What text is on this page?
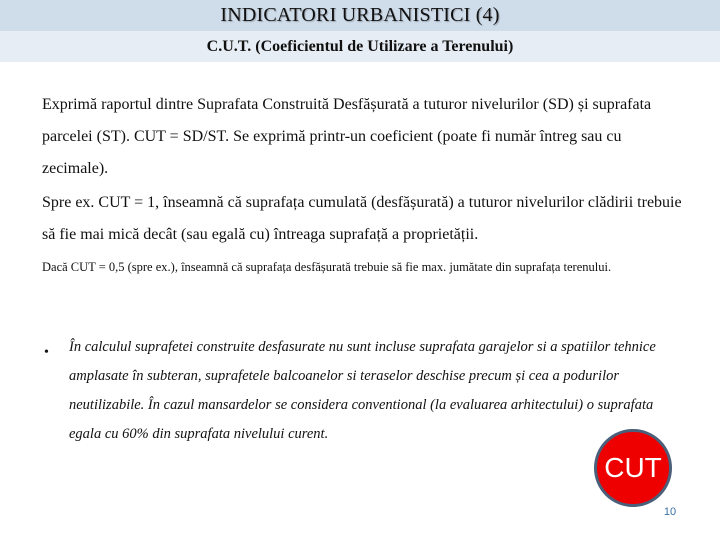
INDICATORI URBANISTICI (4)
C.U.T. (Coeficientul de Utilizare a Terenului)

Exprimă raportul dintre Suprafata Construită Desfășurată a tuturor nivelurilor (SD) și suprafata parcelei (ST). CUT = SD/ST. Se exprimă printr-un coeficient (poate fi număr întreg sau cu zecimale).

Spre ex. CUT = 1, înseamnă că suprafața cumulată (desfășurată) a tuturor nivelurilor clădirii trebuie să fie mai mică decât (sau egală cu) întreaga suprafață a proprietății.

Dacă CUT = 0,5 (spre ex.), înseamnă că suprafața desfășurată trebuie să fie max. jumătate din suprafața terenului.

• În calculul suprafetei construite desfasurate nu sunt incluse suprafata garajelor si a spatiilor tehnice amplasate în subteran, suprafetele balcoanelor si teraselor deschise precum și cea a podurilor neutilizabile. În cazul mansardelor se considera conventional (la evaluarea arhitectului) o suprafata egala cu 60% din suprafata nivelului curent.

CUT
10
